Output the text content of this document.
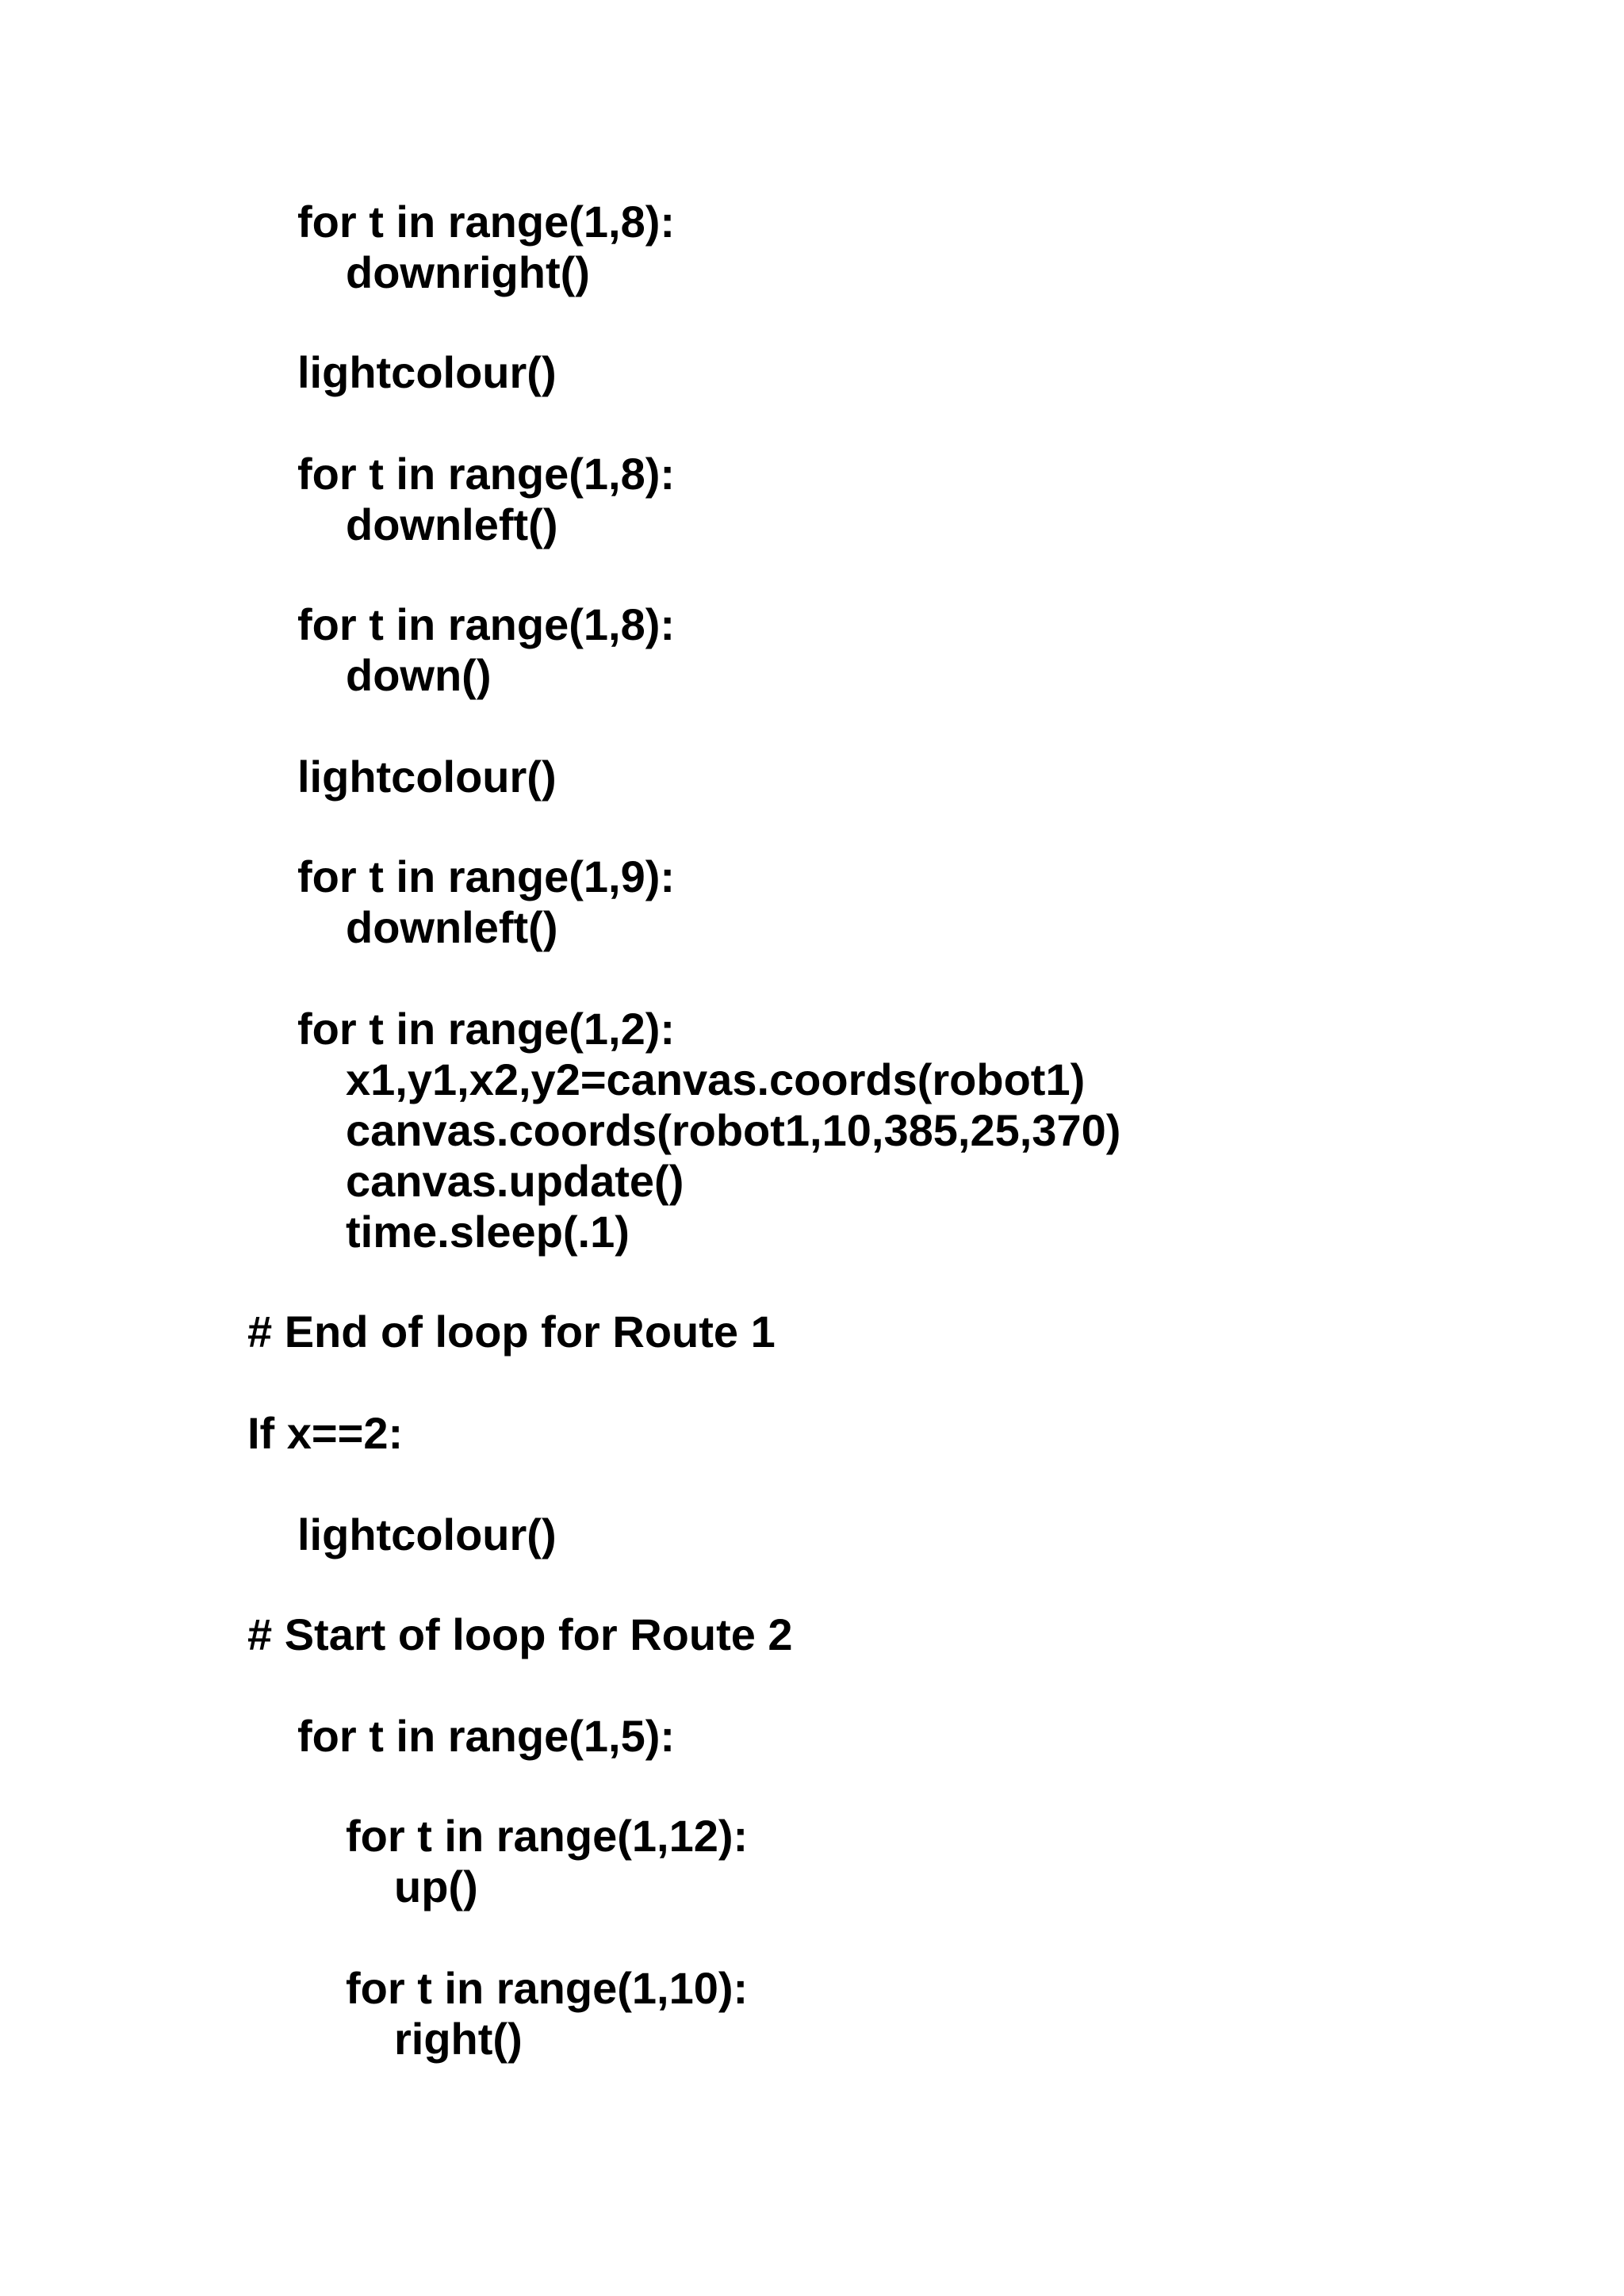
for t in range(1,8):

downright()

lightcolour()

for t in range(1,8):

downleft()

for t in range(1,8):

down()

lightcolour()

for t in range(1,9):

downleft()

for t in range(1,2):

x1,y1,x2,y2=canvas.coords(robot1)

canvas.coords(robot1,10,385,25,370)

canvas.update()

time.sleep(.1)

# End of loop for Route 1

If x==2:

lightcolour()

# Start of loop for Route 2

for t in range(1,5):

for t in range(1,12):

up()

for t in range(1,10):

right()
